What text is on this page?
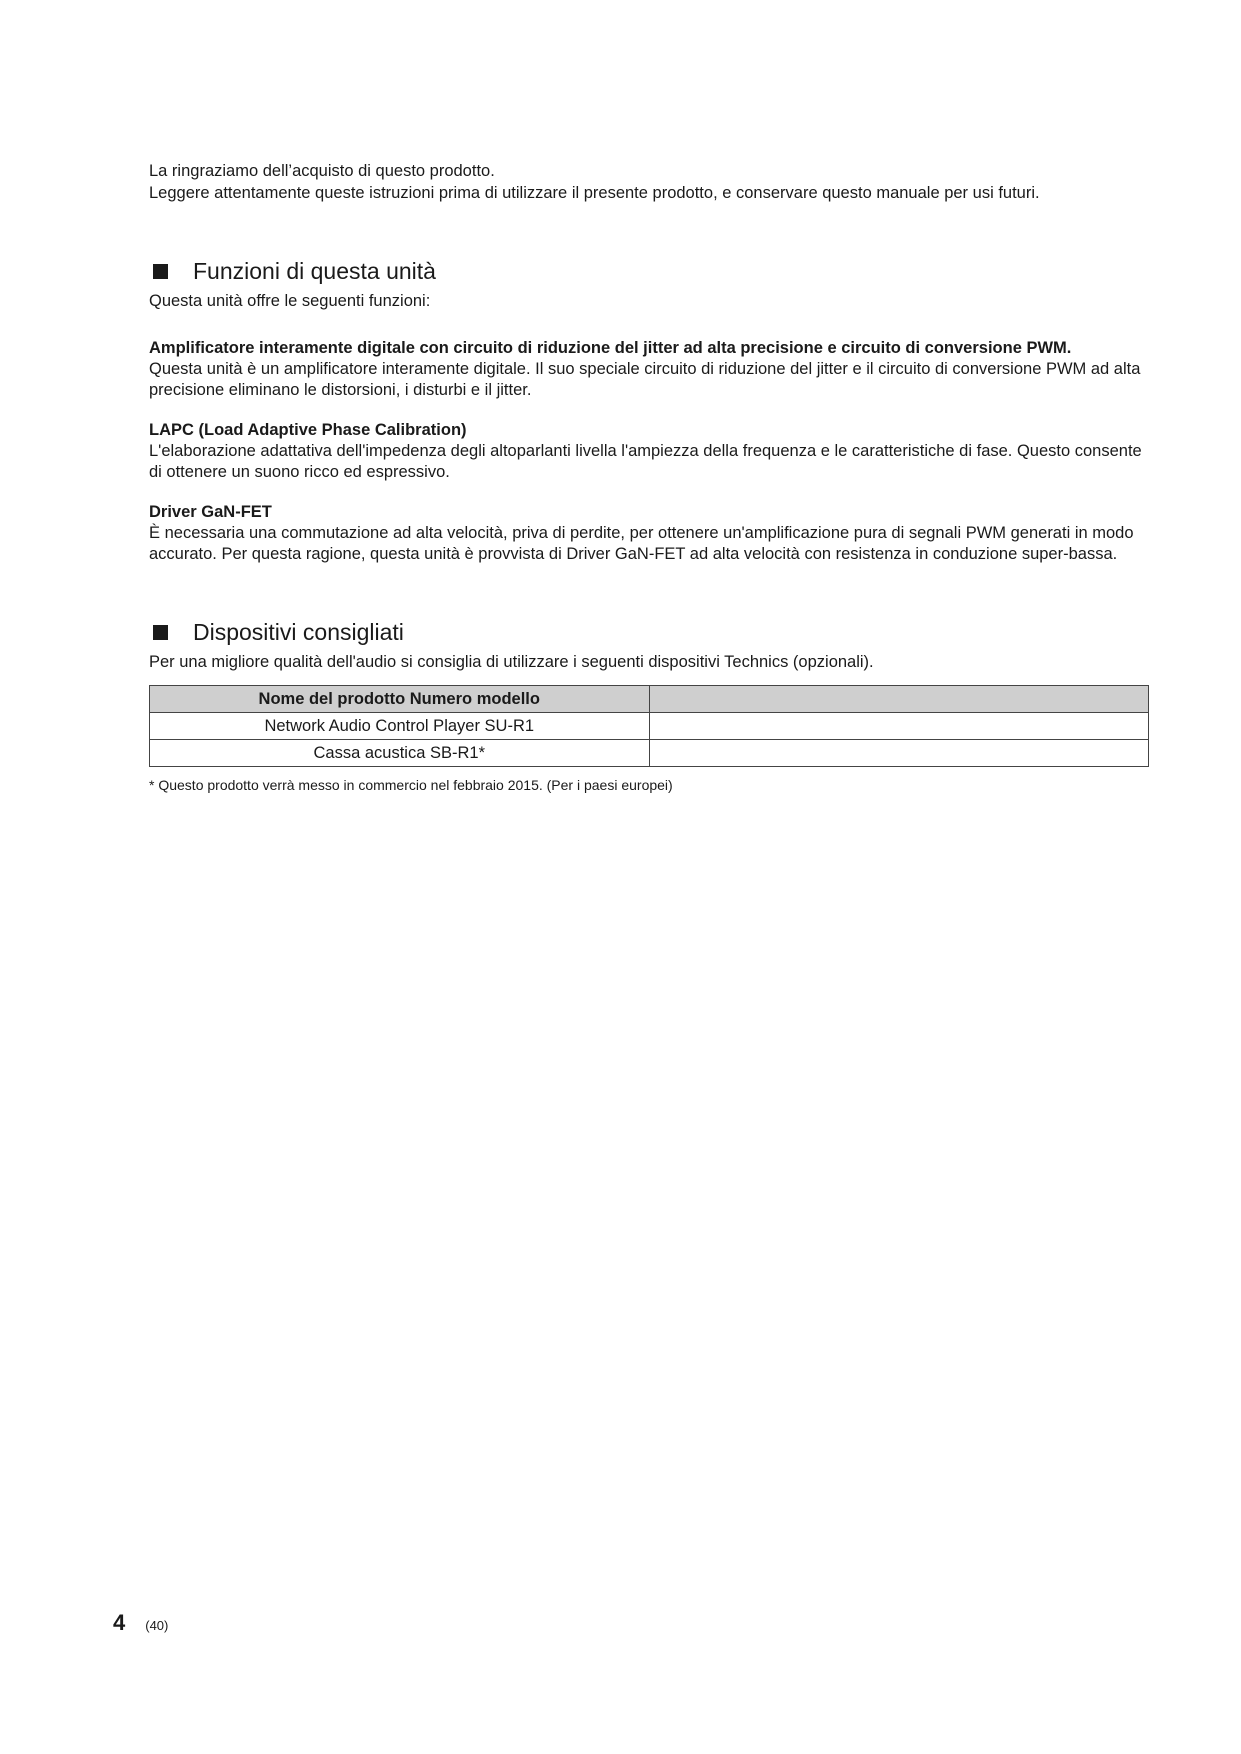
La ringraziamo dell’acquisto di questo prodotto.

Leggere attentamente queste istruzioni prima di utilizzare il presente prodotto, e conservare questo manuale per usi futuri.

Funzioni di questa unità

Questa unità offre le seguenti funzioni:

Amplificatore interamente digitale con circuito di riduzione del jitter ad alta precisione e circuito di conversione PWM.

Questa unità è un amplificatore interamente digitale. Il suo speciale circuito di riduzione del jitter e il circuito di conversione PWM ad alta precisione eliminano le distorsioni, i disturbi e il jitter.

LAPC (Load Adaptive Phase Calibration)

L'elaborazione adattativa dell'impedenza degli altoparlanti livella l'ampiezza della frequenza e le caratteristiche di fase. Questo consente di ottenere un suono ricco ed espressivo.

Driver GaN-FET

È necessaria una commutazione ad alta velocità, priva di perdite, per ottenere un'amplificazione pura di segnali PWM generati in modo accurato. Per questa ragione, questa unità è provvista di Driver GaN-FET ad alta velocità con resistenza in conduzione super-bassa.

Dispositivi consigliati

Per una migliore qualità dell'audio si consiglia di utilizzare i seguenti dispositivi Technics (opzionali).

Nome del prodotto Numero modello	
Network Audio Control Player SU-R1	
Cassa acustica SB-R1*	

* Questo prodotto verrà messo in commercio nel febbraio 2015. (Per i paesi europei)

4 (40)
